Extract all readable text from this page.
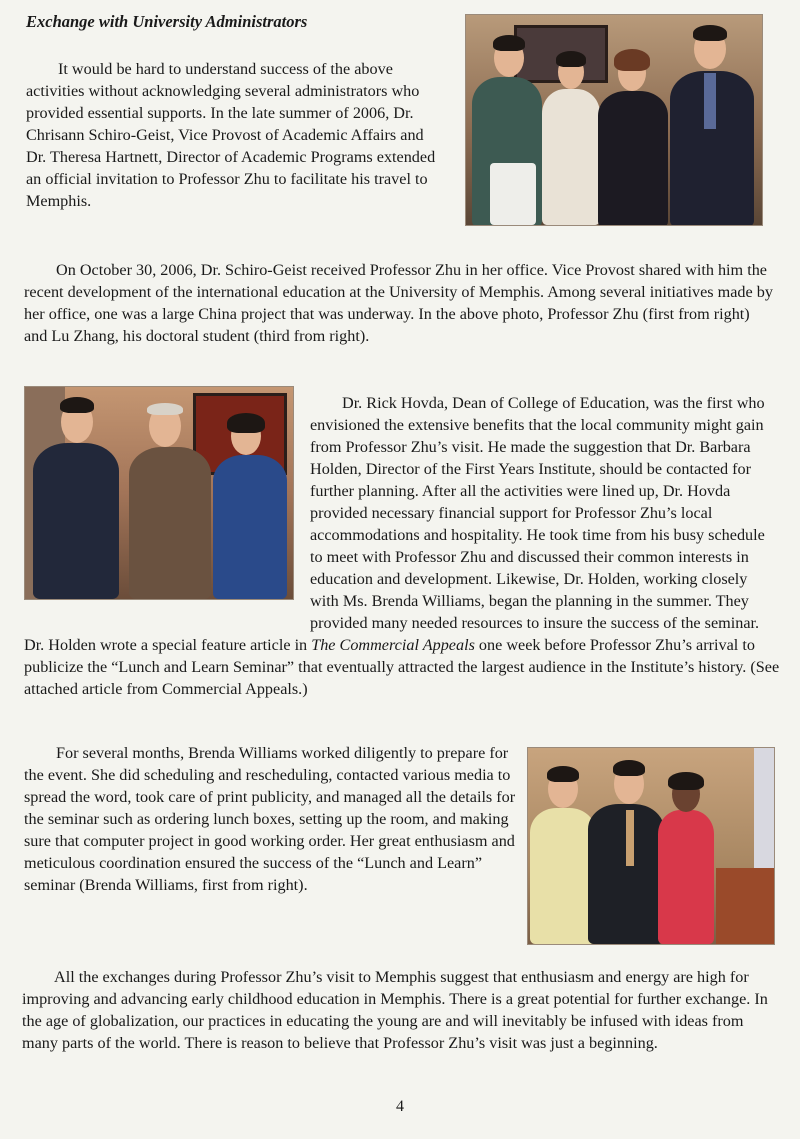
Exchange with University Administrators

It would be hard to understand success of the above activities without acknowledging several administrators who provided essential supports. In the late summer of 2006, Dr. Chrisann Schiro-Geist, Vice Provost of Academic Affairs and Dr. Theresa Hartnett, Director of Academic Programs extended an official invitation to Professor Zhu to facilitate his travel to Memphis.

On October 30, 2006, Dr. Schiro-Geist received Professor Zhu in her office. Vice Provost shared with him the recent development of the international education at the University of Memphis. Among several initiatives made by her office, one was a large China project that was underway. In the above photo, Professor Zhu (first from right) and Lu Zhang, his doctoral student (third from right).

Dr. Rick Hovda, Dean of College of Education, was the first who envisioned the extensive benefits that the local community might gain from Professor Zhu’s visit. He made the suggestion that Dr. Barbara Holden, Director of the First Years Institute, should be contacted for further planning. After all the activities were lined up, Dr. Hovda provided necessary financial support for Professor Zhu’s local accommodations and hospitality. He took time from his busy schedule to meet with Professor Zhu and discussed their common interests in education and development. Likewise, Dr. Holden, working closely with Ms. Brenda Williams, began the planning in the summer. They provided many needed resources to insure the success of the seminar. Dr. Holden wrote a special feature article in The Commercial Appeals one week before Professor Zhu’s arrival to publicize the “Lunch and Learn Seminar” that eventually attracted the largest audience in the Institute’s history. (See attached article from Commercial Appeals.)

For several months, Brenda Williams worked diligently to prepare for the event. She did scheduling and rescheduling, contacted various media to spread the word, took care of print publicity, and managed all the details for the seminar such as ordering lunch boxes, setting up the room, and making sure that computer project in good working order. Her great enthusiasm and meticulous coordination ensured the success of the “Lunch and Learn” seminar (Brenda Williams, first from right).

All the exchanges during Professor Zhu’s visit to Memphis suggest that enthusiasm and energy are high for improving and advancing early childhood education in Memphis. There is a great potential for further exchange. In the age of globalization, our practices in educating the young are and will inevitably be infused with ideas from many parts of the world. There is reason to believe that Professor Zhu’s visit was just a beginning.

4
